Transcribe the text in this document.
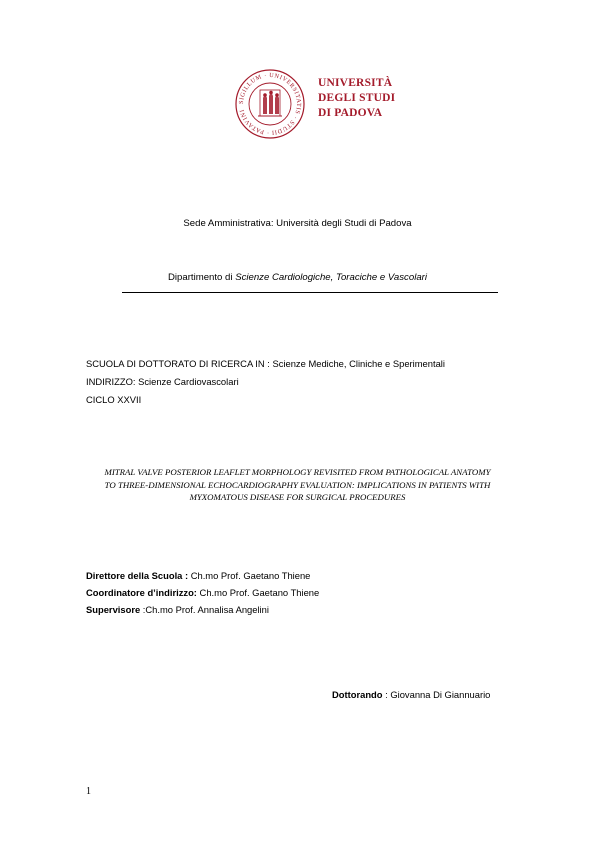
SIGILLUM · UNIVERSITATIS · STUDII · PATAVINI
UNIVERSITÀ
DEGLI STUDI
DI PADOVA
Sede Amministrativa: Università degli Studi di Padova
Dipartimento di Scienze Cardiologiche, Toraciche e Vascolari
SCUOLA DI DOTTORATO DI RICERCA IN : Scienze Mediche, Cliniche e Sperimentali
INDIRIZZO: Scienze Cardiovascolari
CICLO XXVII
MITRAL VALVE POSTERIOR LEAFLET MORPHOLOGY REVISITED FROM PATHOLOGICAL ANATOMY
TO THREE-DIMENSIONAL ECHOCARDIOGRAPHY EVALUATION: IMPLICATIONS IN PATIENTS WITH
MYXOMATOUS DISEASE FOR SURGICAL PROCEDURES
Direttore della Scuola : Ch.mo Prof. Gaetano Thiene
Coordinatore d’indirizzo: Ch.mo Prof. Gaetano Thiene
Supervisore :Ch.mo Prof. Annalisa Angelini
Dottorando : Giovanna Di Giannuario
1
